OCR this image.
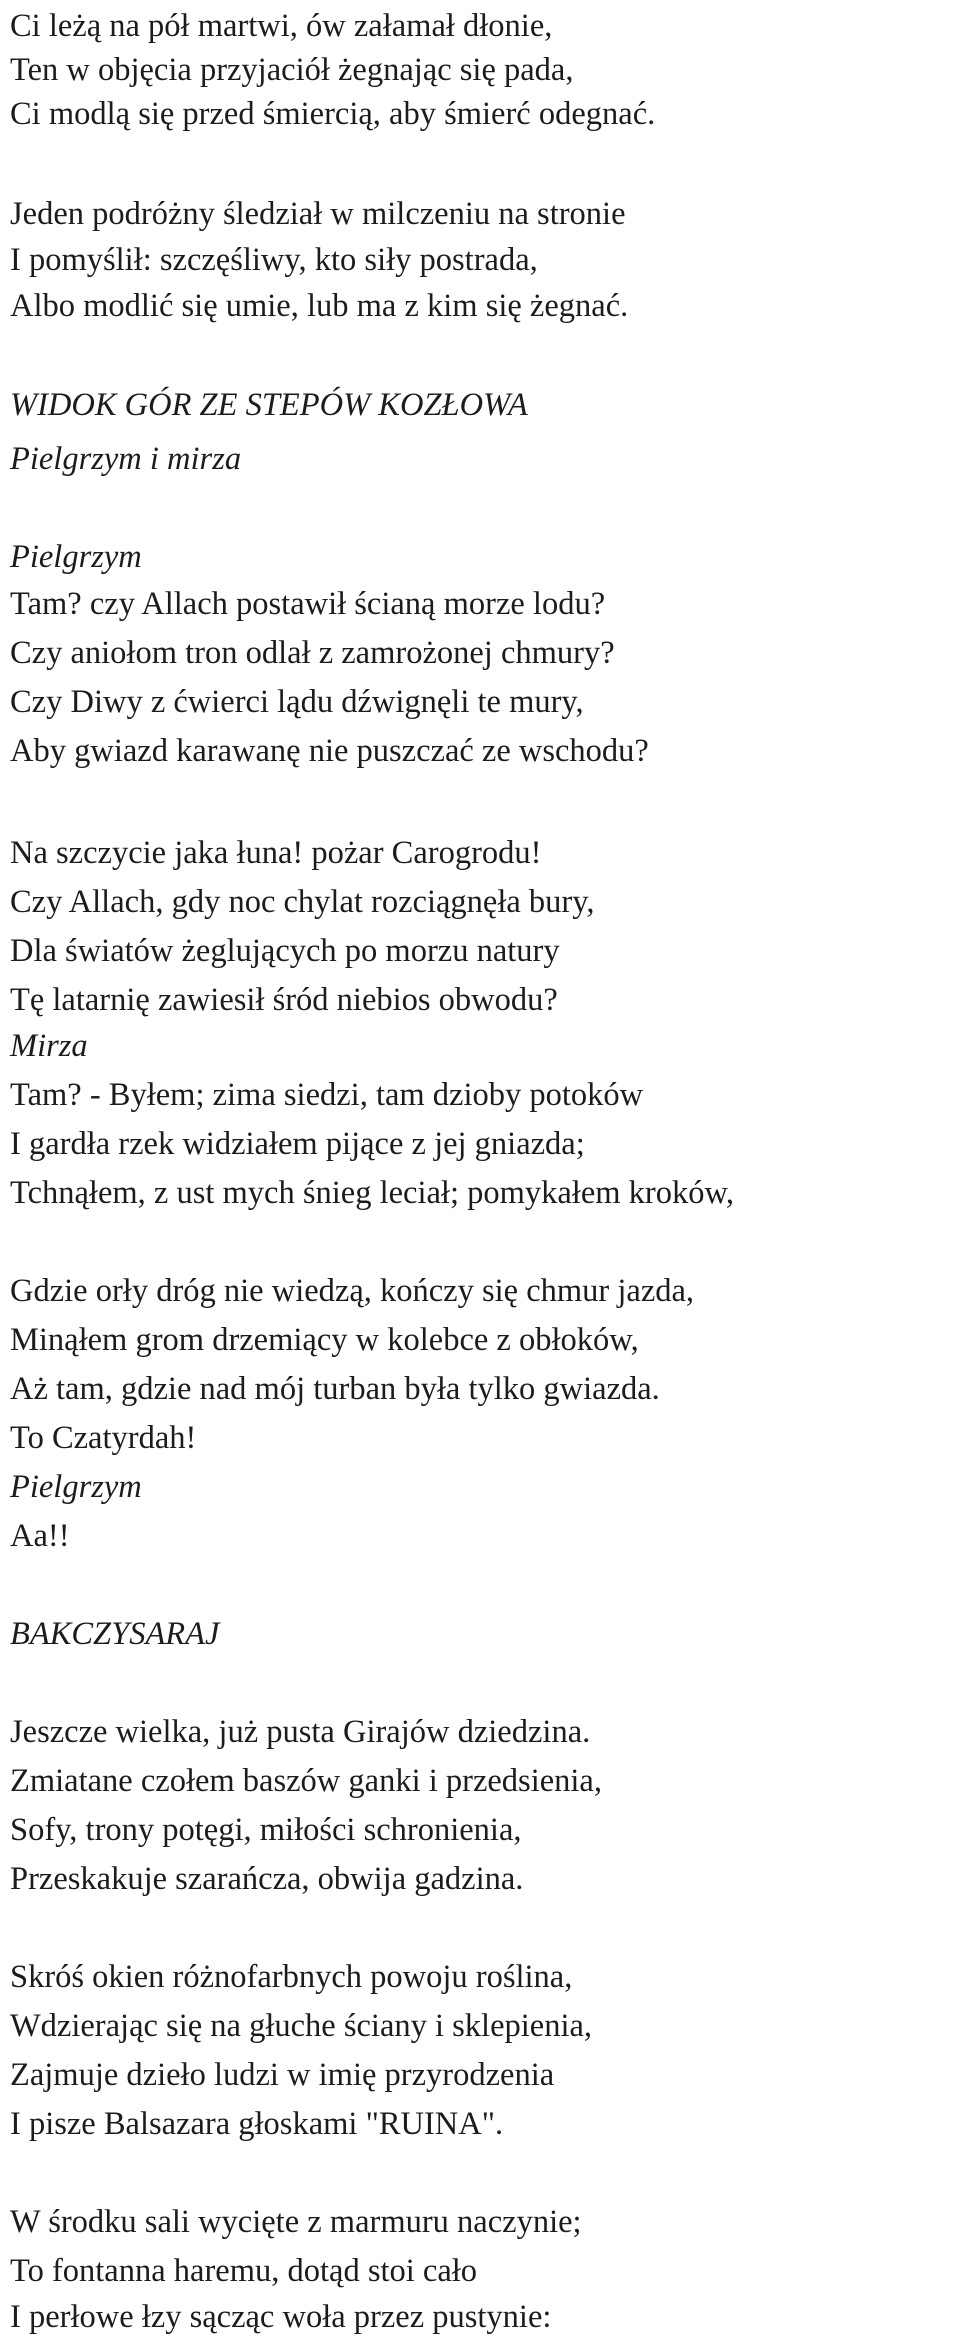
Ci leżą na pół martwi, ów załamał dłonie,
Ten w objęcia przyjaciół żegnając się pada,
Ci modlą się przed śmiercią, aby śmierć odegnać.
Jeden podróżny śledział w milczeniu na stronie
I pomyślił: szczęśliwy, kto siły postrada,
Albo modlić się umie, lub ma z kim się żegnać.
WIDOK GÓR ZE STEPÓW KOZŁOWA
Pielgrzym i mirza
Pielgrzym
Tam? czy Allach postawił ścianą morze lodu?
Czy aniołom tron odlał z zamrożonej chmury?
Czy Diwy z ćwierci lądu dźwignęli te mury,
Aby gwiazd karawanę nie puszczać ze wschodu?
Na szczycie jaka łuna! pożar Carogrodu!
Czy Allach, gdy noc chylat rozciągnęła bury,
Dla światów żeglujących po morzu natury
Tę latarnię zawiesił śród niebios obwodu?
Mirza
Tam? - Byłem; zima siedzi, tam dzioby potoków
I gardła rzek widziałem pijące z jej gniazda;
Tchnąłem, z ust mych śnieg leciał; pomykałem kroków,
Gdzie orły dróg nie wiedzą, kończy się chmur jazda,
Minąłem grom drzemiący w kolebce z obłoków,
Aż tam, gdzie nad mój turban była tylko gwiazda.
To Czatyrdah!
Pielgrzym
Aa!!
BAKCZYSARAJ
Jeszcze wielka, już pusta Girajów dziedzina.
Zmiatane czołem baszów ganki i przedsienia,
Sofy, trony potęgi, miłości schronienia,
Przeskakuje szarańcza, obwija gadzina.
Skróś okien różnofarbnych powoju roślina,
Wdzierając się na głuche ściany i sklepienia,
Zajmuje dzieło ludzi w imię przyrodzenia
I pisze Balsazara głoskami "RUINA".
W środku sali wycięte z marmuru naczynie;
To fontanna haremu, dotąd stoi cało
I perłowe łzy sącząc woła przez pustynie:
